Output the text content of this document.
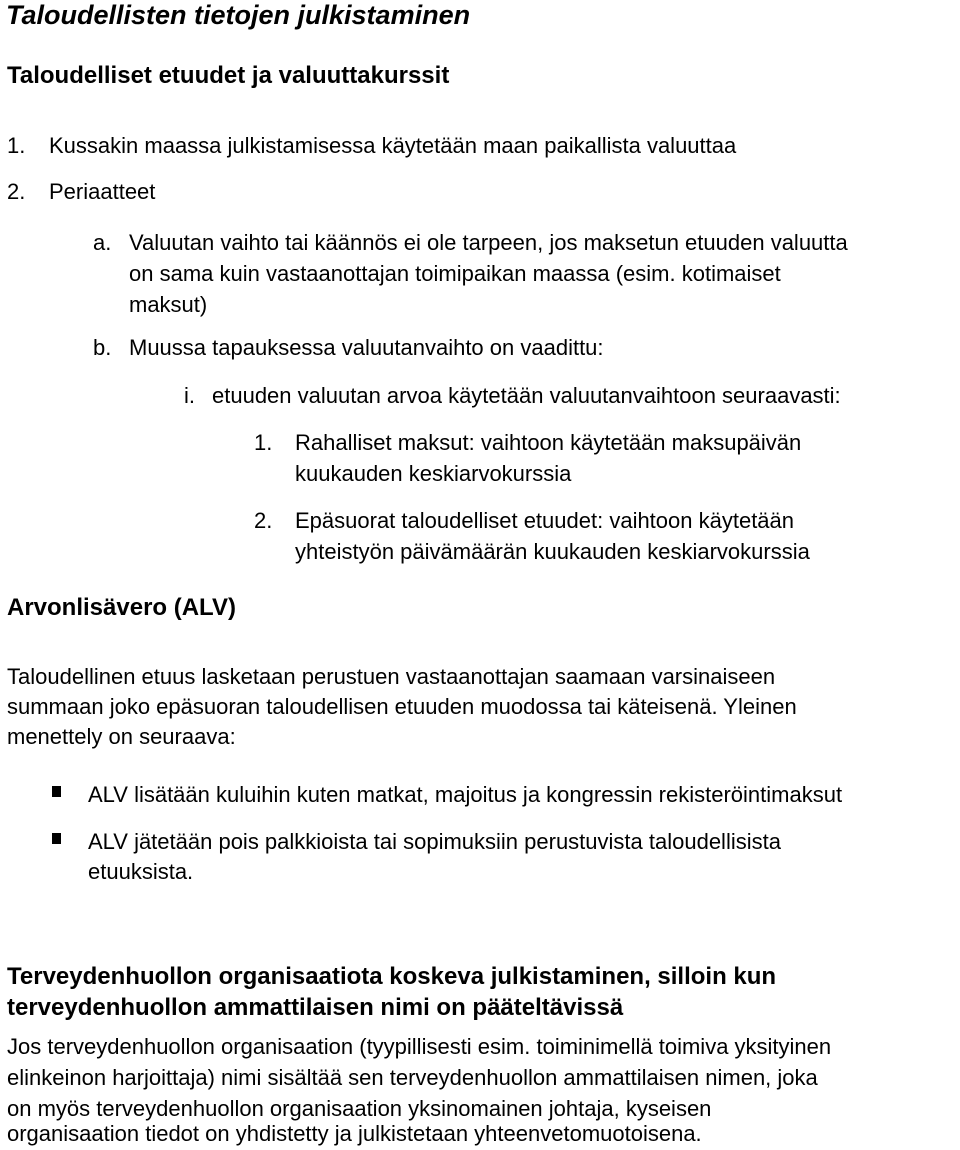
Taloudellisten tietojen julkistaminen
Taloudelliset etuudet ja valuuttakurssit
1. Kussakin maassa julkistamisessa käytetään maan paikallista valuuttaa
2. Periaatteet
a. Valuutan vaihto tai käännös ei ole tarpeen, jos maksetun etuuden valuutta
on sama kuin vastaanottajan toimipaikan maassa (esim. kotimaiset
maksut)
b. Muussa tapauksessa valuutanvaihto on vaadittu:
i. etuuden valuutan arvoa käytetään valuutanvaihtoon seuraavasti:
1. Rahalliset maksut: vaihtoon käytetään maksupäivän
kuukauden keskiarvokurssia
2. Epäsuorat taloudelliset etuudet: vaihtoon käytetään
yhteistyön päivämäärän kuukauden keskiarvokurssia
Arvonlisävero (ALV)
Taloudellinen etuus lasketaan perustuen vastaanottajan saamaan varsinaiseen
summaan joko epäsuoran taloudellisen etuuden muodossa tai käteisenä. Yleinen
menettely on seuraava:
ALV lisätään kuluihin kuten matkat, majoitus ja kongressin rekisteröintimaksut
ALV jätetään pois palkkioista tai sopimuksiin perustuvista taloudellisista
etuuksista.
Terveydenhuollon organisaatiota koskeva julkistaminen, silloin kun
terveydenhuollon ammattilaisen nimi on pääteltävissä
Jos terveydenhuollon organisaation (tyypillisesti esim. toiminimellä toimiva yksityinen
elinkeinon harjoittaja) nimi sisältää sen terveydenhuollon ammattilaisen nimen, joka
on myös terveydenhuollon organisaation yksinomainen johtaja, kyseisen
organisaation tiedot on yhdistetty ja julkistetaan yhteenvetomuotoisena.
